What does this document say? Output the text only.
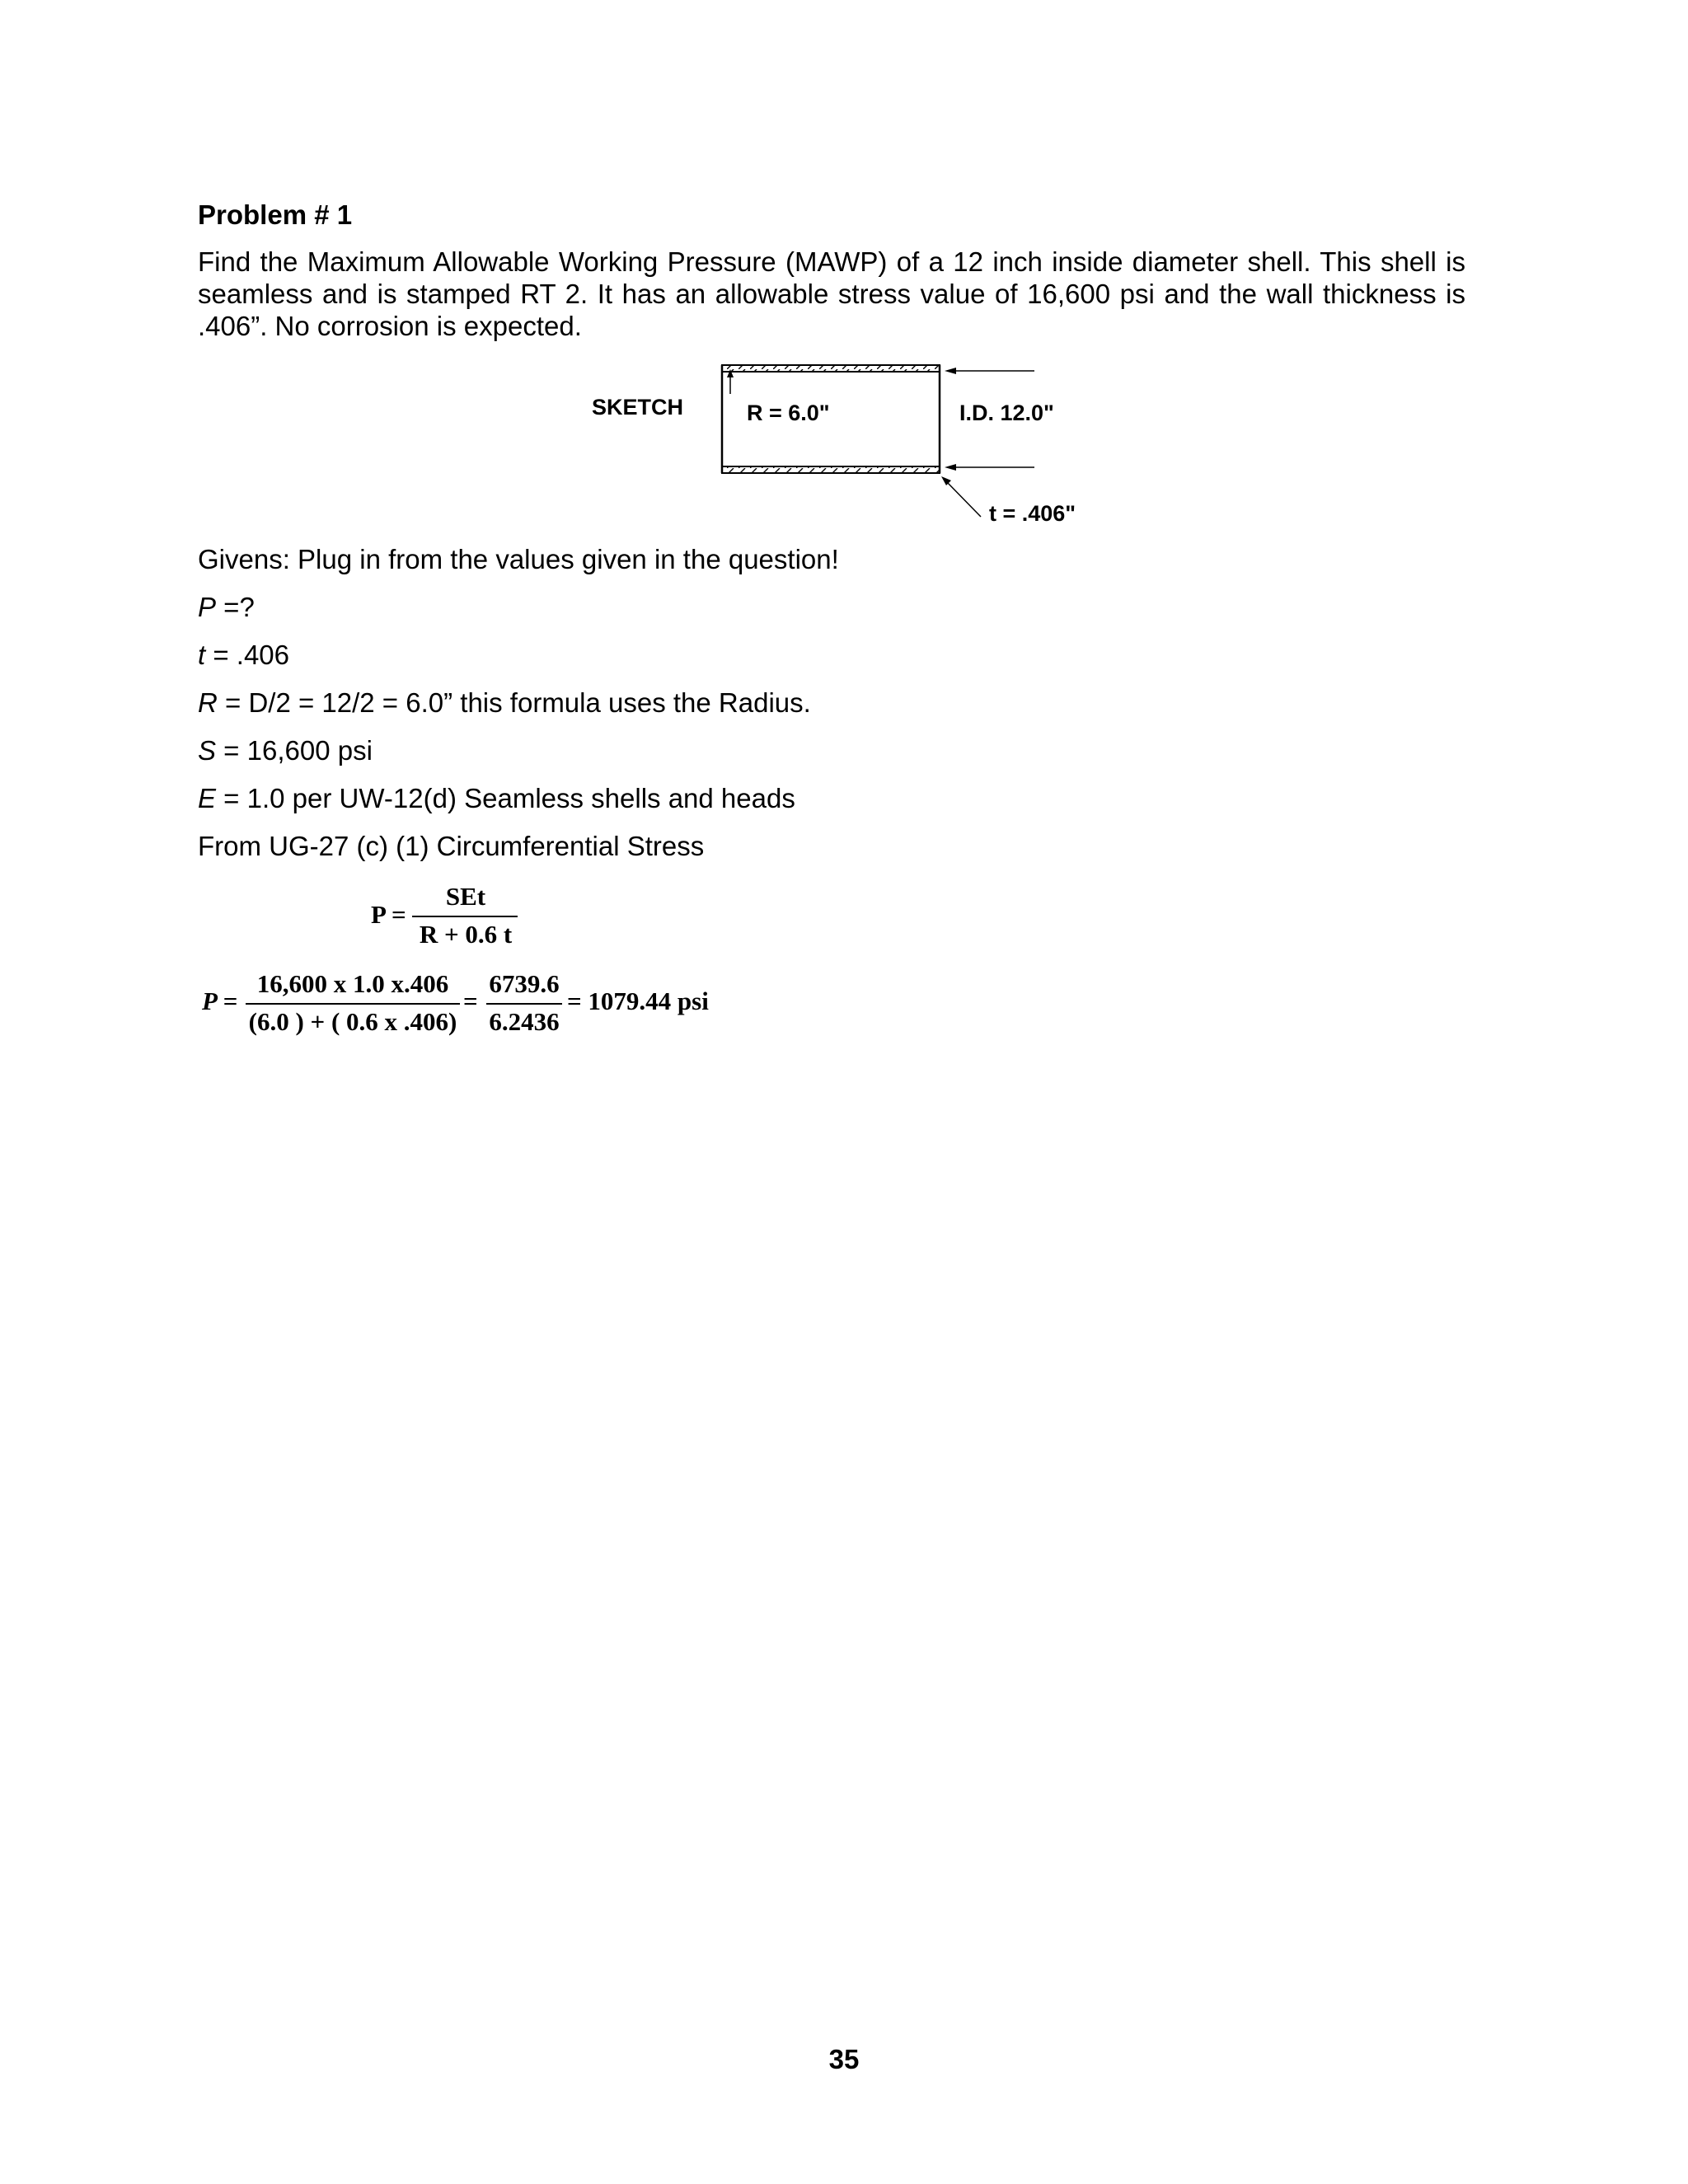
Problem # 1

Find the Maximum Allowable Working Pressure (MAWP) of a 12 inch inside diameter shell. This shell is
seamless and is stamped RT 2. It has an allowable stress value of 16,600 psi and the wall thickness is
.406”. No corrosion is expected.

SKETCH	R = 6.0"	I.D. 12.0"
t = .406"
Givens: Plug in from the values given in the question!
P =?
t = .406
R = D/2 = 12/2 = 6.0” this formula uses the Radius.
S = 16,600 psi
E = 1.0 per UW-12(d) Seamless shells and heads
From UG-27 (c) (1) Circumferential Stress
P =
SEt
R + 0.6 t
P =
16,600 x 1.0 x.406
(6.0 ) + ( 0.6 x .406)
=
6739.6
6.2436
= 1079.44 psi
35
